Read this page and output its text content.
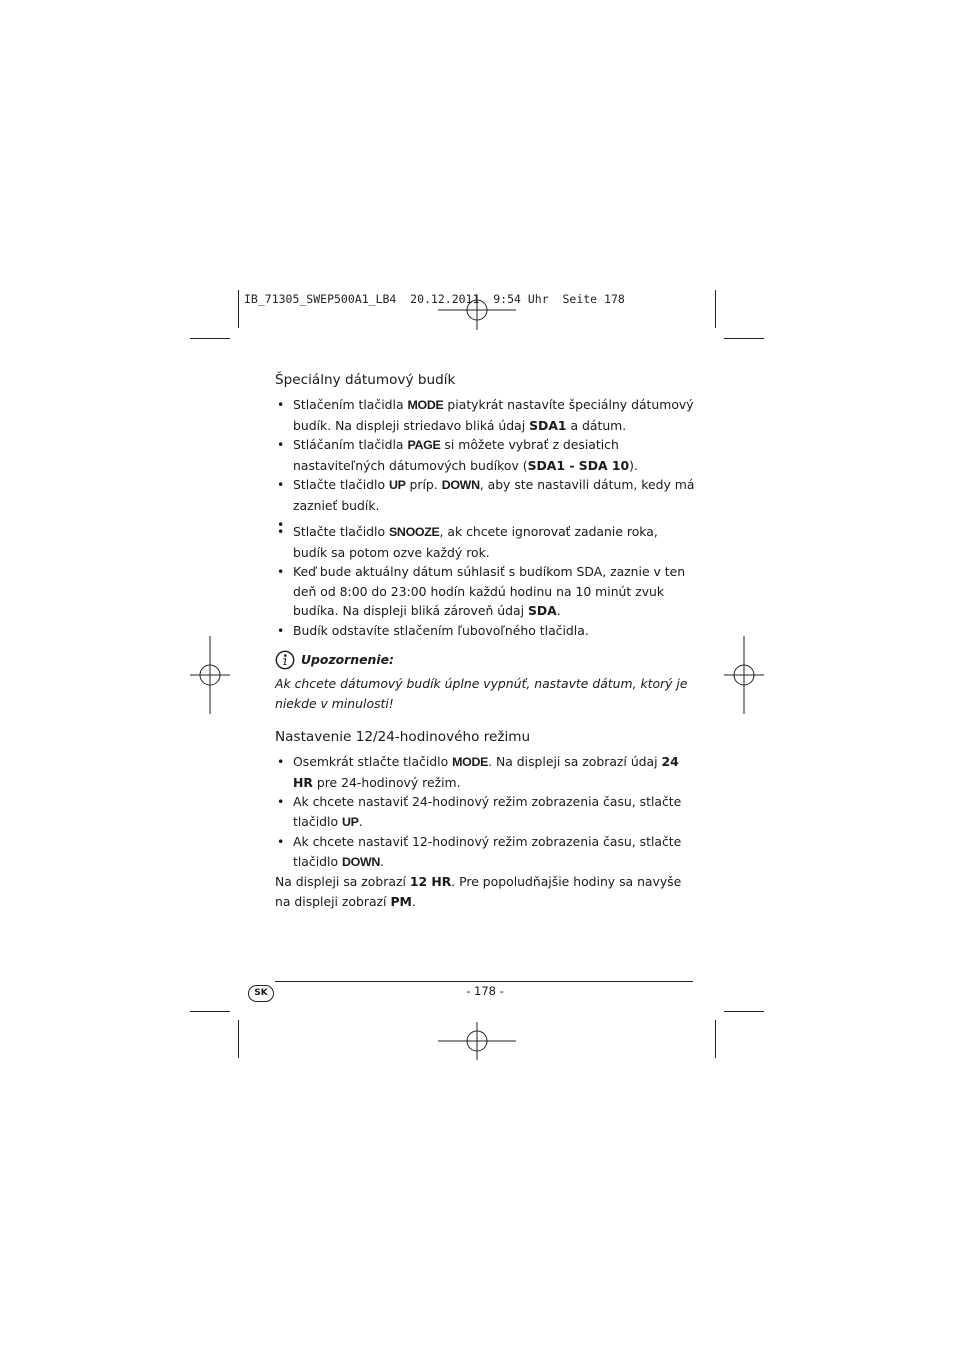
IB_71305_SWEP500A1_LB4  20.12.2011  9:54 Uhr  Seite 178
Špeciálny dátumový budík
• Stlačením tlačidla MODE piatykrát nastavíte špeciálny dátumový budík. Na displeji striedavo bliká údaj SDA1 a dátum.
• Stláčaním tlačidla PAGE si môžete vybrať z desiatich nastaviteľných dátumových budíkov (SDA1 - SDA 10).
• Stlačte tlačidlo UP príp. DOWN, aby ste nastavili dátum, kedy má zaznieť budík.
•
• Stlačte tlačidlo SNOOZE, ak chcete ignorovať zadanie roka, budík sa potom ozve každý rok.
• Keď bude aktuálny dátum súhlasiť s budíkom SDA, zaznie v ten deň od 8:00 do 23:00 hodín každú hodinu na 10 minút zvuk budíka. Na displeji bliká zároveň údaj SDA.
• Budík odstavíte stlačením ľubovoľného tlačidla.
Upozornenie:
Ak chcete dátumový budík úplne vypnúť, nastavte dátum, ktorý je niekde v minulosti!
Nastavenie 12/24-hodinového režimu
• Osemkrát stlačte tlačidlo MODE. Na displeji sa zobrazí údaj 24 HR pre 24-hodinový režim.
• Ak chcete nastaviť 24-hodinový režim zobrazenia času, stlačte tlačidlo UP.
• Ak chcete nastaviť 12-hodinový režim zobrazenia času, stlačte tlačidlo DOWN.
Na displeji sa zobrazí 12 HR. Pre popoludňajšie hodiny sa navyše na displeji zobrazí PM.
SK	- 178 -
